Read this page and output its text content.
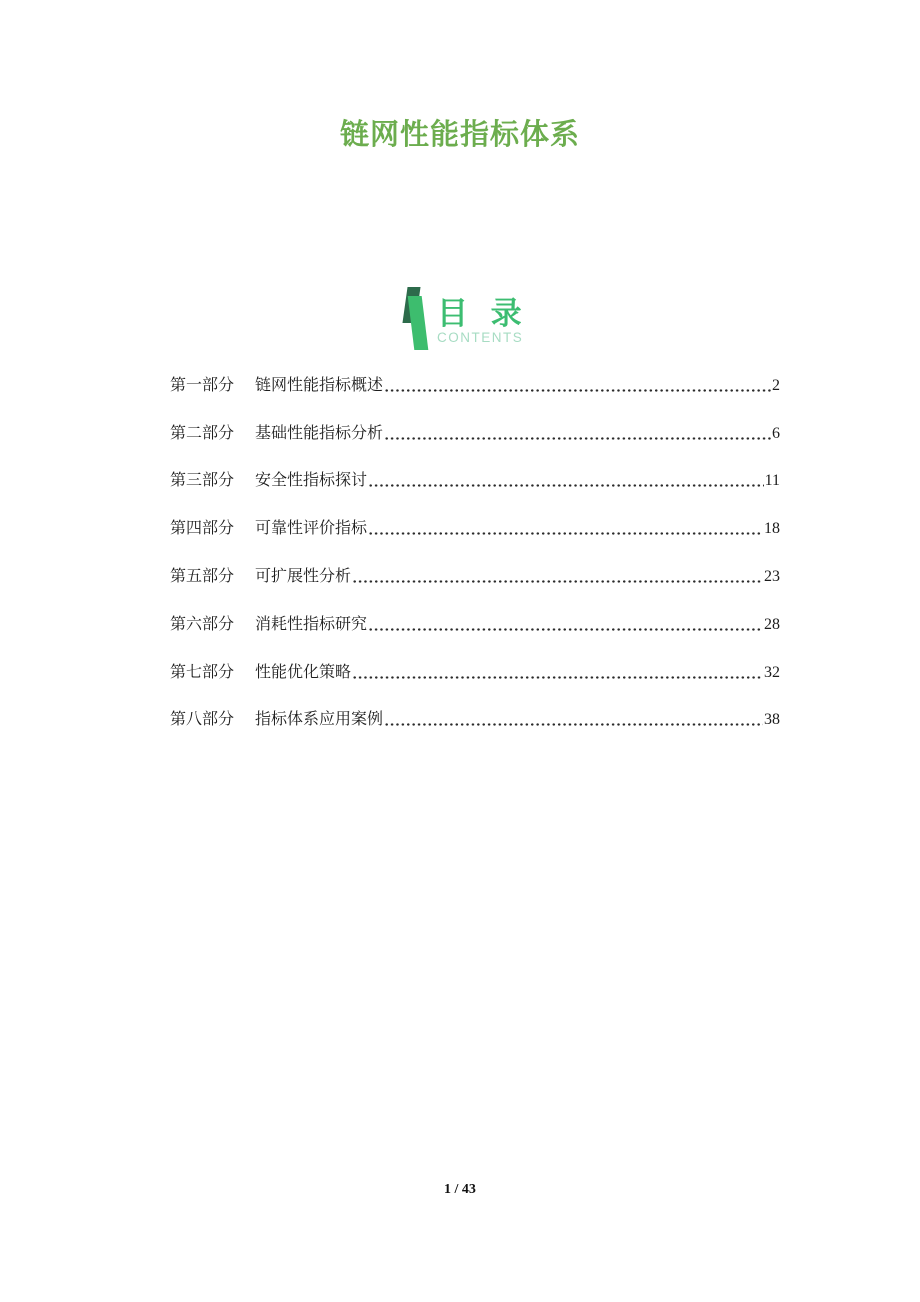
链网性能指标体系
目 录
CONTENTS
第一部分 链网性能指标概述	2
第二部分 基础性能指标分析	6
第三部分 安全性指标探讨	11
第四部分 可靠性评价指标	18
第五部分 可扩展性分析	23
第六部分 消耗性指标研究	28
第七部分 性能优化策略	32
第八部分 指标体系应用案例	38
1 / 43
